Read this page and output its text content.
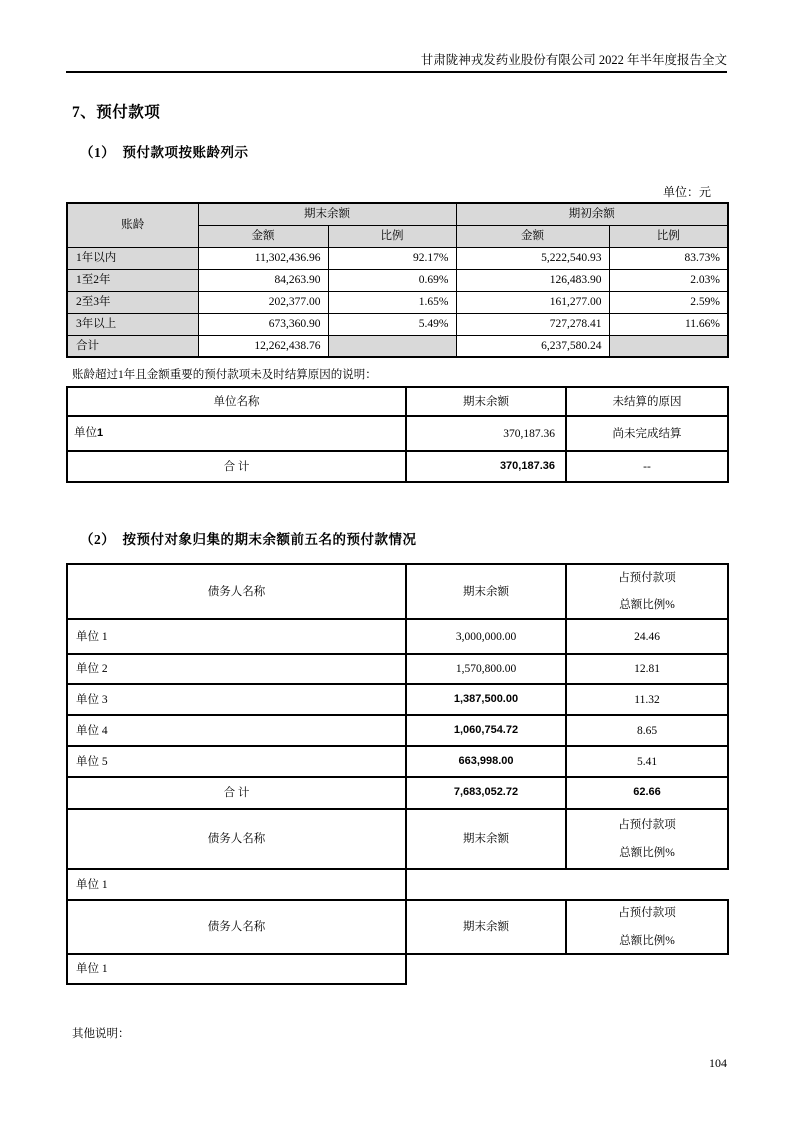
甘肃陇神戎发药业股份有限公司 2022 年半年度报告全文
7、预付款项
（1）　预付款项按账龄列示
单位：元
账龄	期末余额		期初余额	
	金额	比例	金额	比例
1年以内	11,302,436.96	92.17%	5,222,540.93	83.73%
1至2年	84,263.90	0.69%	126,483.90	2.03%
2至3年	202,377.00	1.65%	161,277.00	2.59%
3年以上	673,360.90	5.49%	727,278.41	11.66%
合计	12,262,438.76		6,237,580.24	
账龄超过1年且金额重要的预付款项未及时结算原因的说明：
单位名称	期末余额	未结算的原因
单位1	370,187.36	尚未完成结算
合 计	370,187.36	--
（2）　按预付对象归集的期末余额前五名的预付款情况
债务人名称	期末余额	占预付款项
总额比例%

单位 1	3,000,000.00	24.46
单位 2	1,570,800.00	12.81
单位 3	1,387,500.00	11.32
单位 4	1,060,754.72	8.65
单位 5	663,998.00	5.41
合 计	7,683,052.72	62.66
债务人名称	期末余额	占预付款项
总额比例%

单位 1		
债务人名称	期末余额	占预付款项
总额比例%

单位 1		
其他说明：
104
